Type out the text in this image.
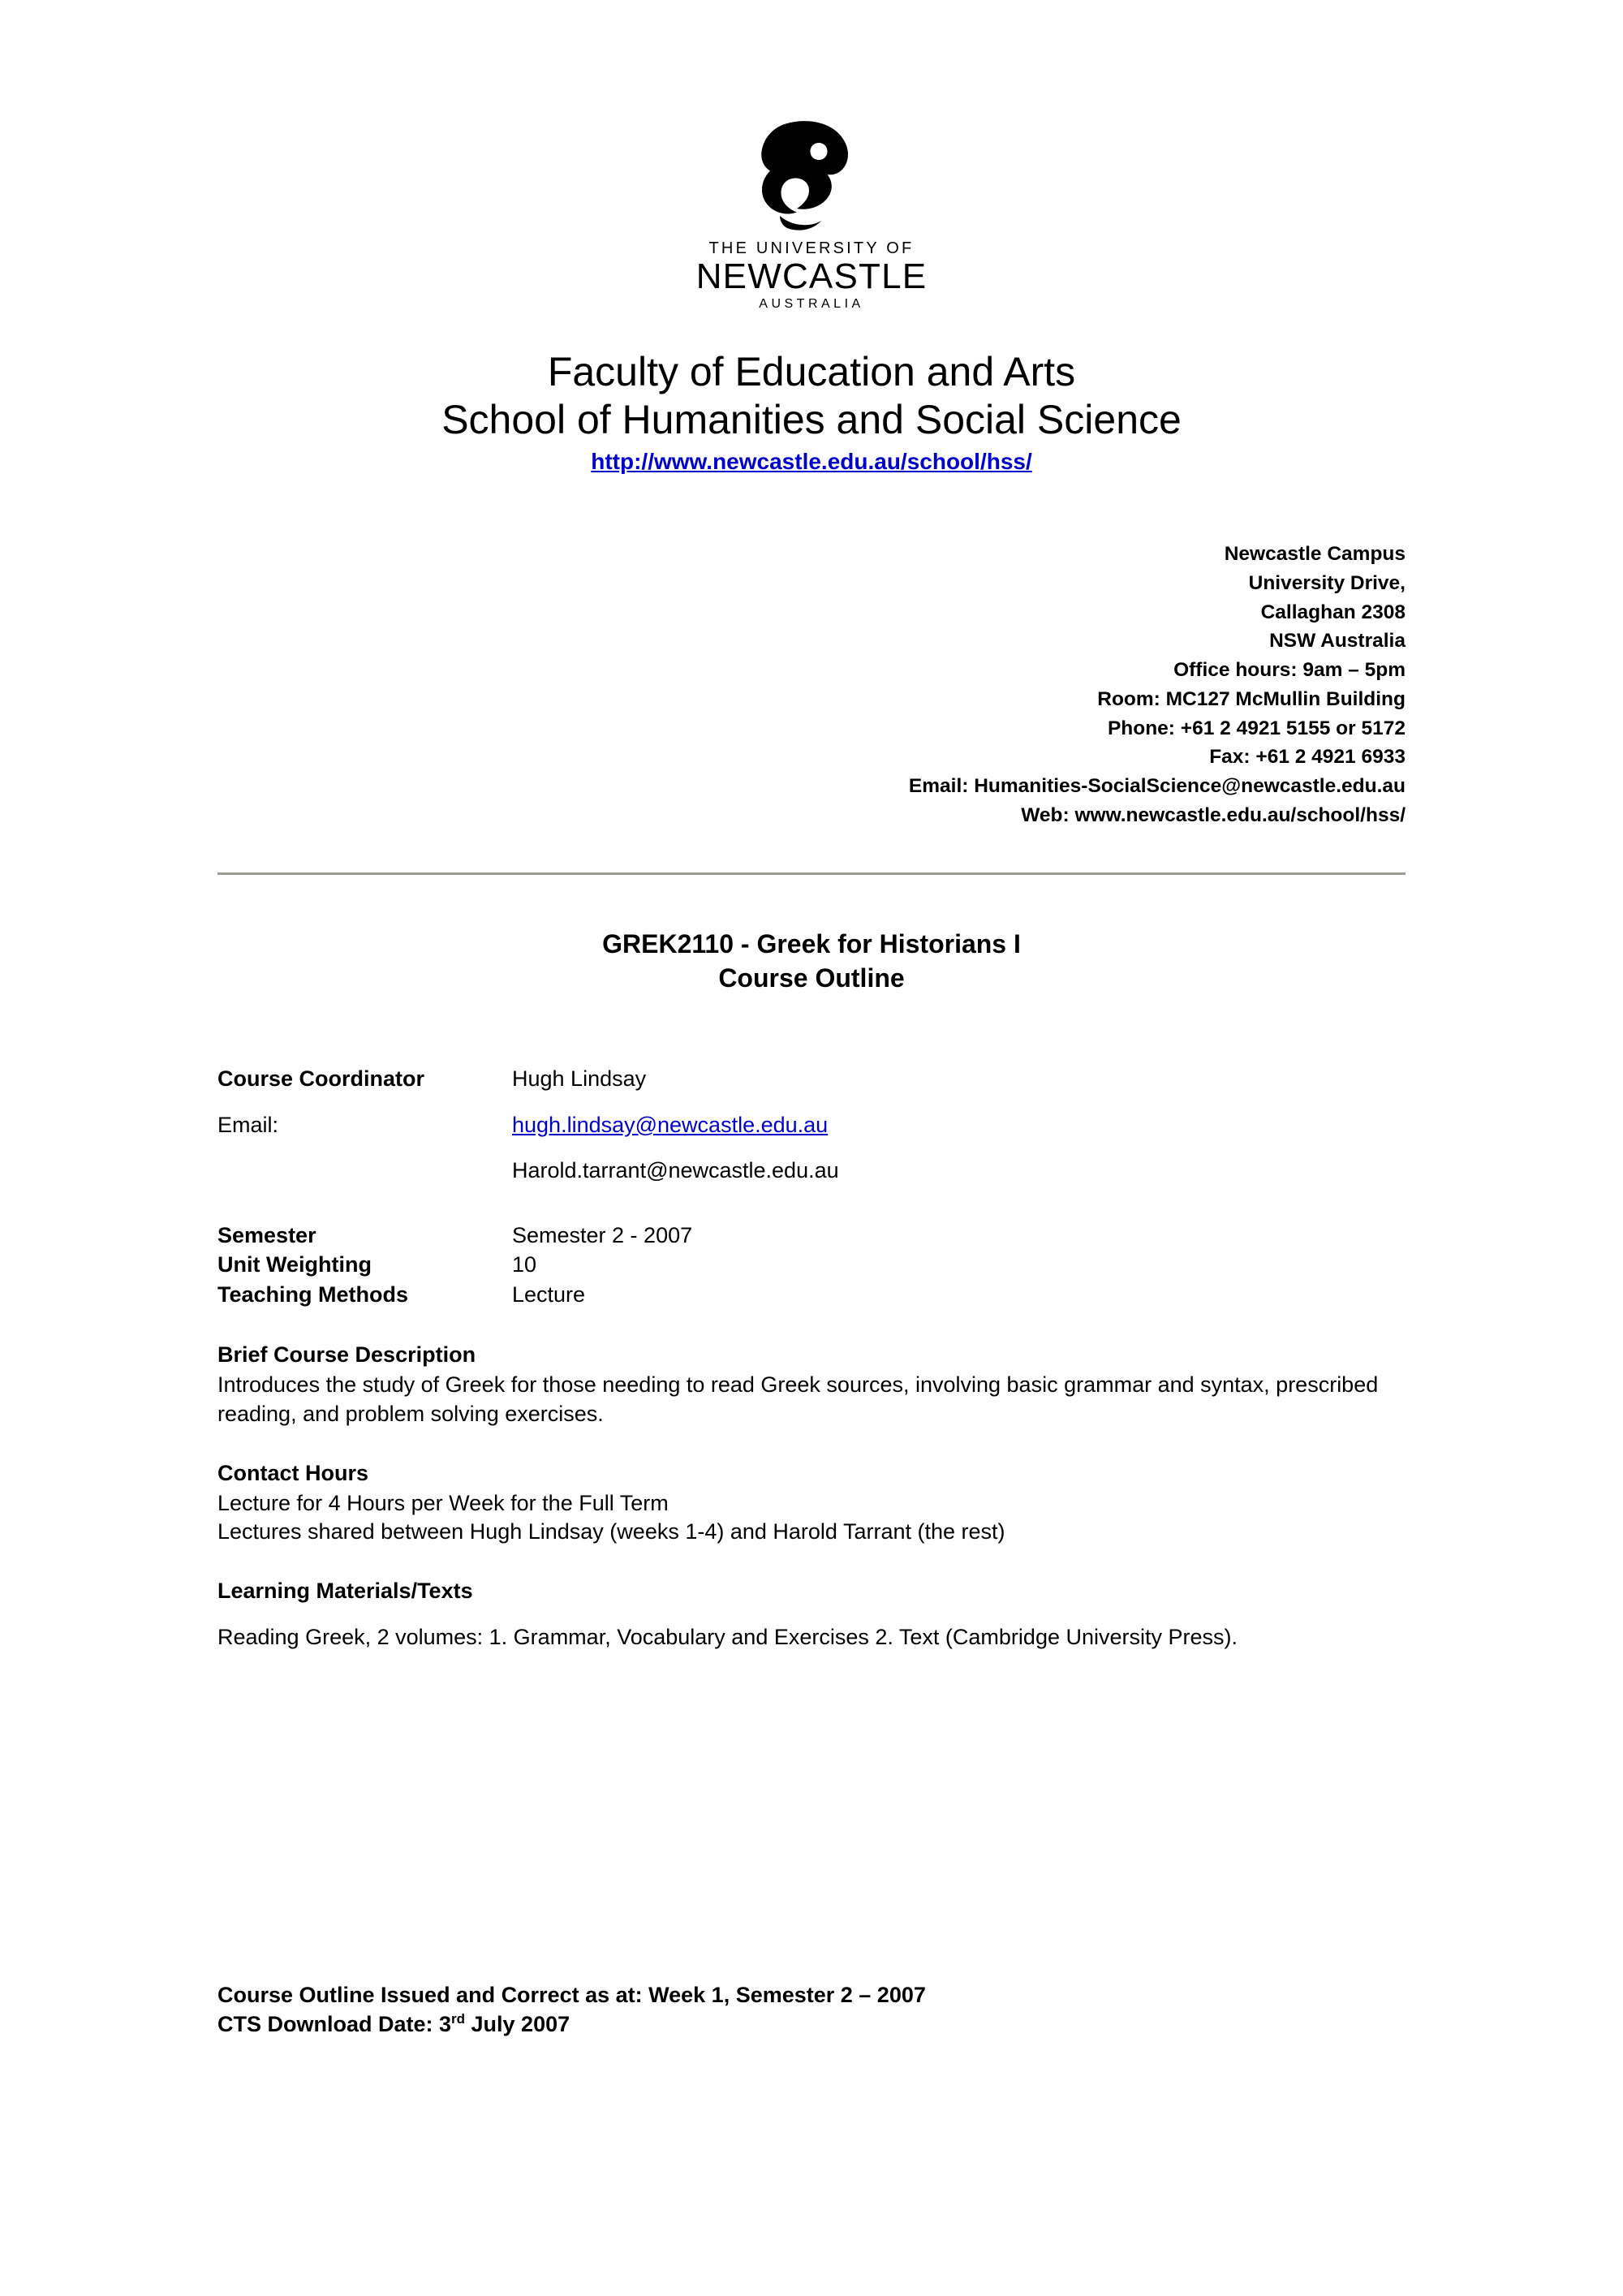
THE UNIVERSITY OF
NEWCASTLE
AUSTRALIA
Faculty of Education and Arts
School of Humanities and Social Science
http://www.newcastle.edu.au/school/hss/
Newcastle Campus
University Drive,
Callaghan 2308
NSW Australia
Office hours: 9am – 5pm
Room: MC127 McMullin Building
Phone: +61 2 4921 5155 or 5172
Fax: +61 2 4921 6933
Email: Humanities-SocialScience@newcastle.edu.au
Web: www.newcastle.edu.au/school/hss/
GREK2110 - Greek for Historians I
Course Outline
Course Coordinator	Hugh Lindsay
Email:	hugh.lindsay@newcastle.edu.au
Harold.tarrant@newcastle.edu.au
Semester	Semester 2 - 2007
Unit Weighting	10
Teaching Methods	Lecture
Brief Course Description
Introduces the study of Greek for those needing to read Greek sources, involving basic grammar and syntax, prescribed reading, and problem solving exercises.
Contact Hours
Lecture for 4 Hours per Week for the Full Term
Lectures shared between Hugh Lindsay (weeks 1-4) and Harold Tarrant (the rest)
Learning Materials/Texts
Reading Greek, 2 volumes: 1. Grammar, Vocabulary and Exercises 2. Text (Cambridge University Press).
Course Outline Issued and Correct as at: Week 1, Semester 2 – 2007
CTS Download Date: 3rd July 2007
